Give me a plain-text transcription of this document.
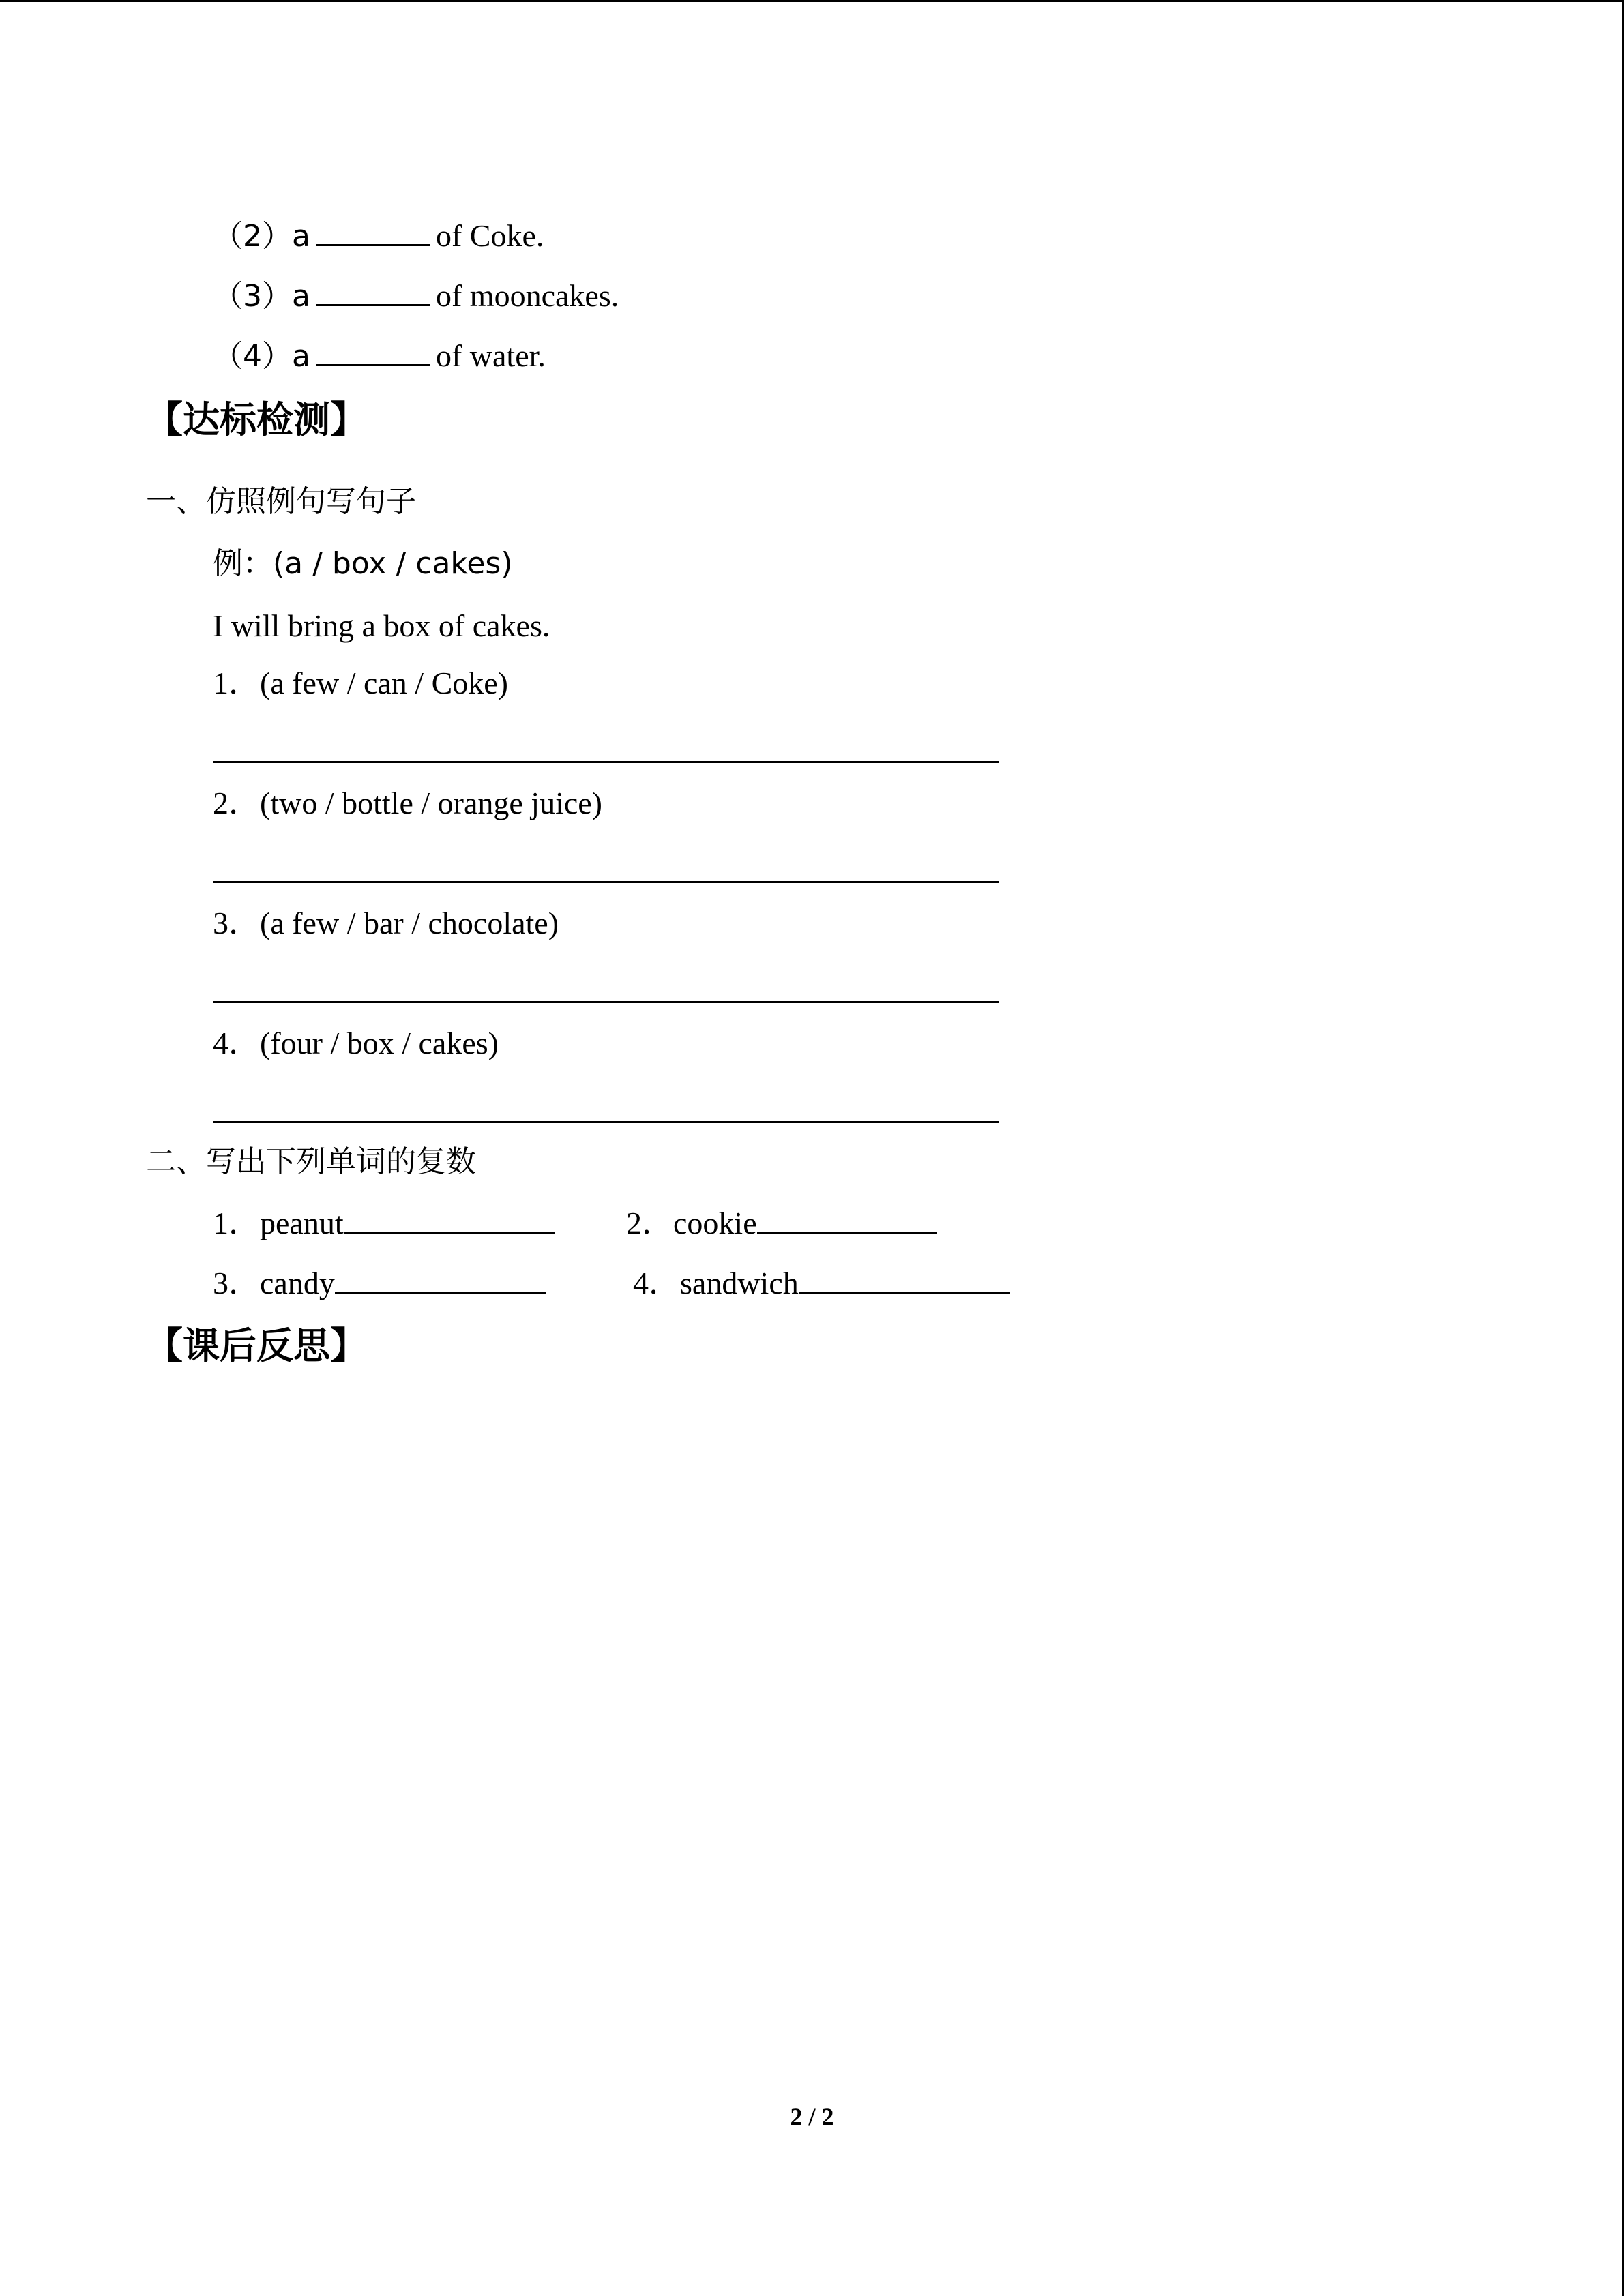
（2）a	of Coke.
（3）a	of mooncakes.
（4）a	of water.
【达标检测】
一、仿照例句写句子
例：(a / box / cakes)
I will bring a box of cakes.
1．(a few / can / Coke)
2．(two / bottle / orange juice)
3．(a few / bar / chocolate)
4．(four / box / cakes)
二、写出下列单词的复数
1．peanut	2．cookie
3．candy	4．sandwich
【课后反思】
2 / 2
